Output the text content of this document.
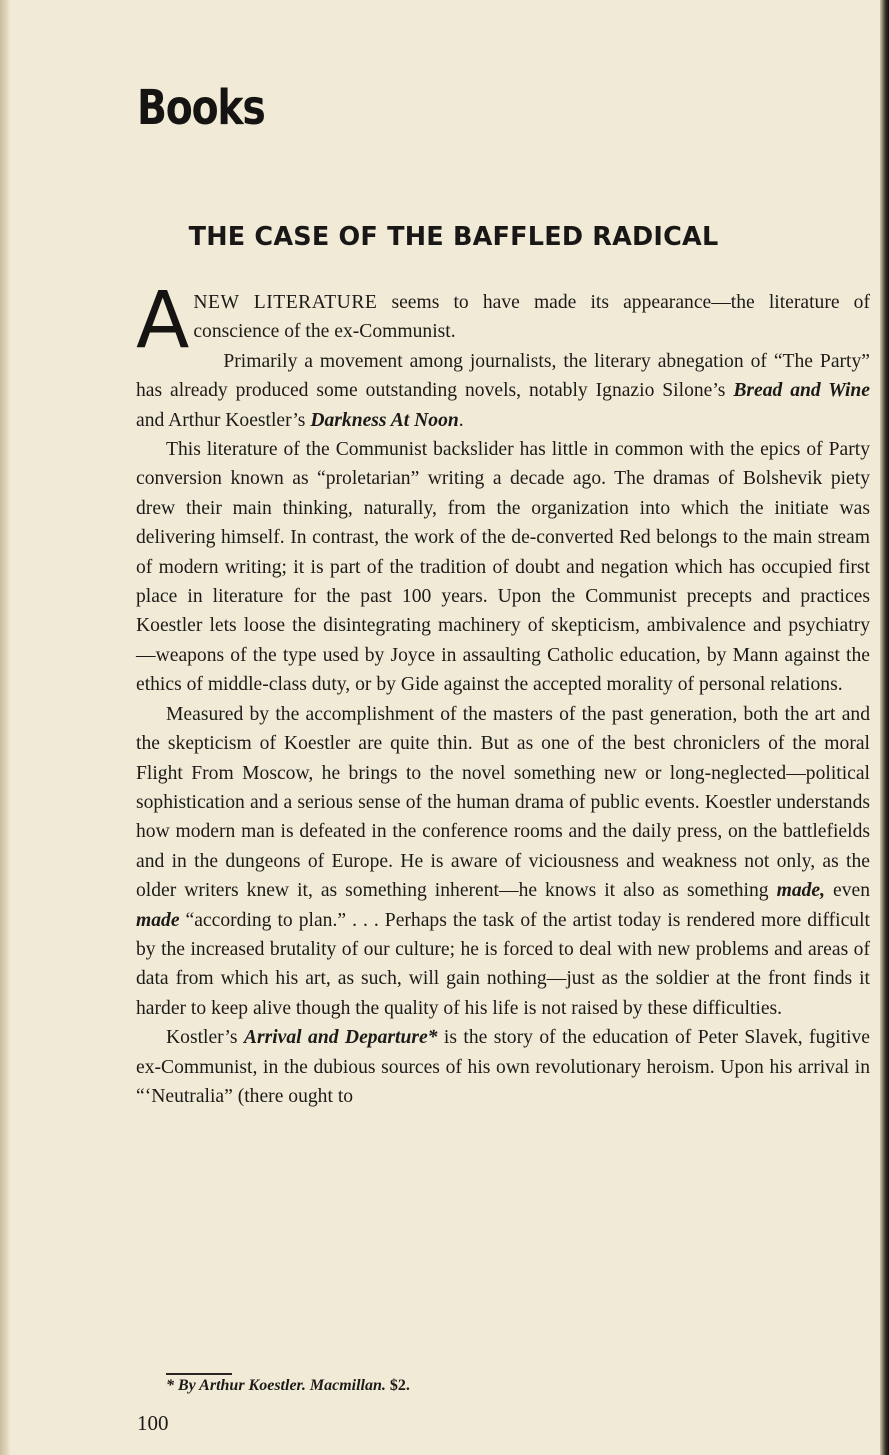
Books
THE CASE OF THE BAFFLED RADICAL

ANEW LITERATURE seems to have made its appearance—the literature of conscience of the ex-Communist.

Primarily a movement among journalists, the literary abnegation of “The Party” has already produced some outstanding novels, notably Ignazio Silone’s Bread and Wine and Arthur Koestler’s Darkness At Noon.

This literature of the Communist backslider has little in common with the epics of Party conversion known as “proletarian” writing a decade ago. The dramas of Bolshevik piety drew their main thinking, naturally, from the organization into which the initiate was delivering himself. In contrast, the work of the de-converted Red belongs to the main stream of modern writing; it is part of the tradition of doubt and negation which has occupied first place in literature for the past 100 years. Upon the Communist precepts and practices Koestler lets loose the disintegrating machinery of skepticism, ambivalence and psychiatry —weapons of the type used by Joyce in assaulting Catholic education, by Mann against the ethics of middle-class duty, or by Gide against the accepted morality of personal relations.

Measured by the accomplishment of the masters of the past generation, both the art and the skepticism of Koestler are quite thin. But as one of the best chroniclers of the moral Flight From Moscow, he brings to the novel something new or long-neglected—political sophistication and a serious sense of the human drama of public events. Koestler understands how modern man is defeated in the conference rooms and the daily press, on the battlefields and in the dungeons of Europe. He is aware of viciousness and weakness not only, as the older writers knew it, as something inherent—he knows it also as something made, even made “according to plan.” . . . Perhaps the task of the artist today is rendered more difficult by the increased brutality of our culture; he is forced to deal with new problems and areas of data from which his art, as such, will gain nothing—just as the soldier at the front finds it harder to keep alive though the quality of his life is not raised by these difficulties.

Kostler’s Arrival and Departure* is the story of the education of Peter Slavek, fugitive ex-Communist, in the dubious sources of his own revolutionary heroism. Upon his arrival in “‘Neutralia” (there ought to

* By Arthur Koestler. Macmillan. $2.
100
